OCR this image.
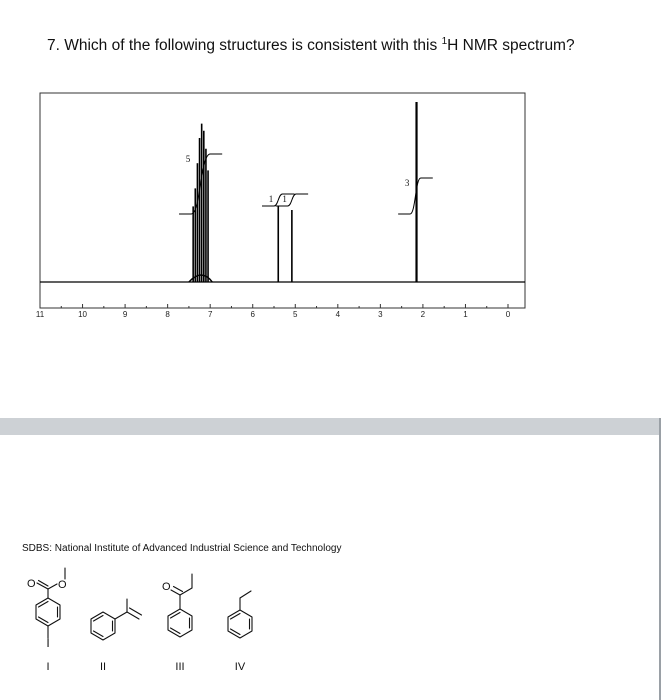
7. Which of the following structures is consistent with this $^1$H NMR spectrum?
11	10	9	8	7	6	5	4	3	2	1	0
5
1 1
3
SDBS: National Institute of Advanced Industrial Science and Technology
O O
I
O
I	II	III	IV
